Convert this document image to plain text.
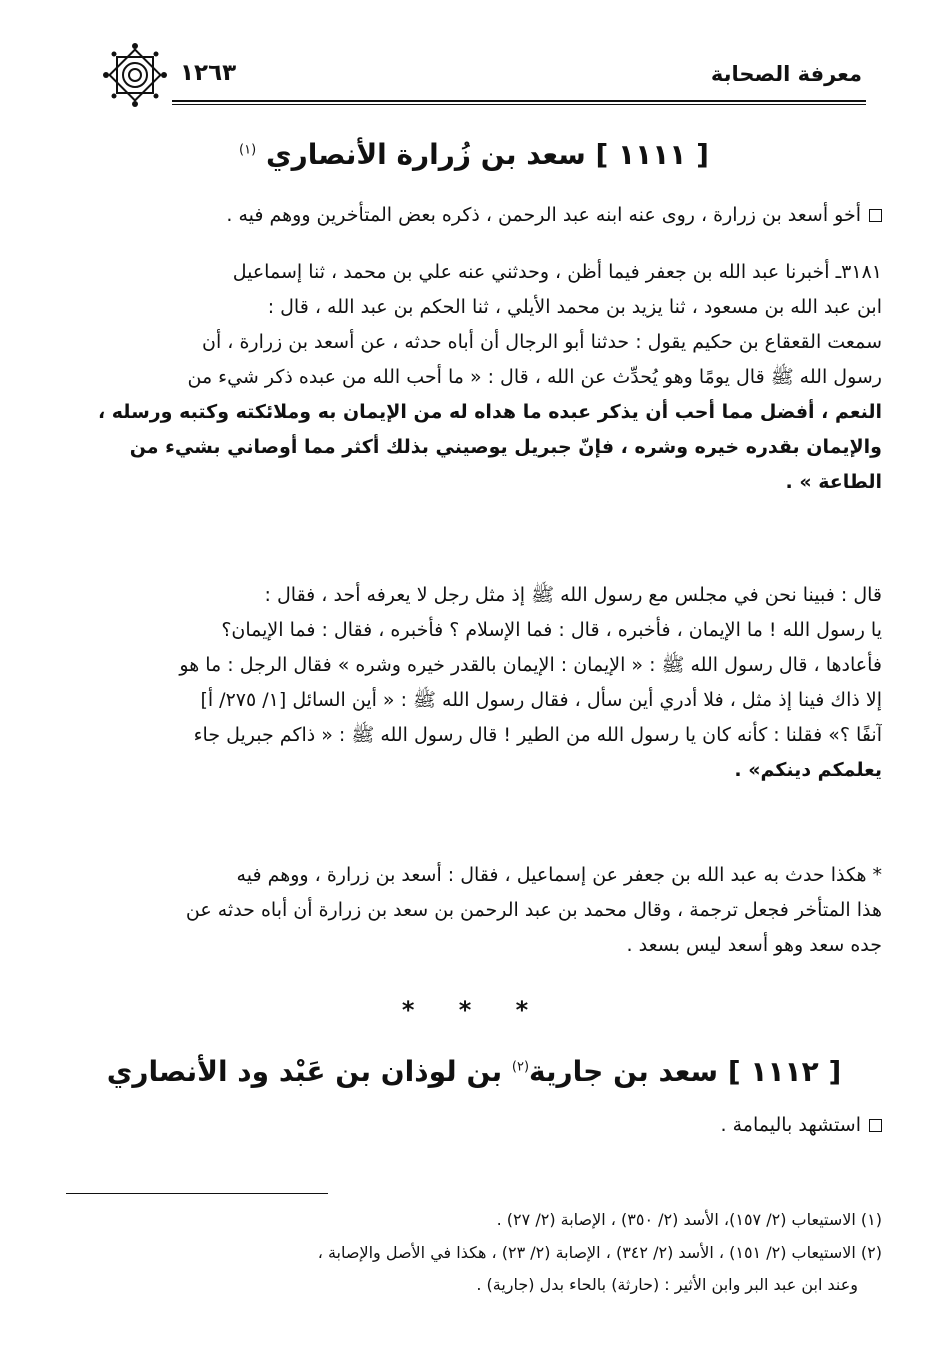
معرفة الصحابة
١٢٦٣
[ ١١١١ ] سعد بن زُرارة الأنصاري $^{(١)}$
أخو أسعد بن زرارة ، روى عنه ابنه عبد الرحمن ، ذكره بعض المتأخرين ووهم فيه .
٣١٨١ـ أخبرنا عبد الله بن جعفر فيما أظن ، وحدثني عنه علي بن محمد ، ثنا إسماعيل
ابن عبد الله بن مسعود ، ثنا يزيد بن محمد الأيلي ، ثنا الحكم بن عبد الله ، قال :
سمعت القعقاع بن حكيم يقول : حدثنا أبو الرجال أن أباه حدثه ، عن أسعد بن زرارة ، أن
رسول الله ﷺ قال يومًا وهو يُحدِّث عن الله ، قال : « ما أحب الله من عبده ذكر شيء من
النعم ، أفضل مما أحب أن يذكر عبده ما هداه له من الإيمان به وملائكته وكتبه ورسله ،
والإيمان بقدره خيره وشره ، فإنّ جبريل يوصيني بذلك أكثر مما أوصاني بشيء من
الطاعة » .
قال : فبينا نحن في مجلس مع رسول الله ﷺ إذ مثل رجل لا يعرفه أحد ، فقال :
يا رسول الله ! ما الإيمان ، فأخبره ، قال : فما الإسلام ؟ فأخبره ، فقال : فما الإيمان؟
فأعادها ، قال رسول الله ﷺ : « الإيمان : الإيمان بالقدر خيره وشره » فقال الرجل : ما هو
إلا ذاك فينا إذ مثل ، فلا أدري أين سأل ، فقال رسول الله ﷺ : « أين السائل [١/ ٢٧٥/ أ]
آنفًا ؟» فقلنا : كأنه كان يا رسول الله من الطير ! قال رسول الله ﷺ : « ذاكم جبريل جاء
يعلمكم دينكم» .
* هكذا حدث به عبد الله بن جعفر عن إسماعيل ، فقال : أسعد بن زرارة ، ووهم فيه
هذا المتأخر فجعل ترجمة ، وقال محمد بن عبد الرحمن بن سعد بن زرارة أن أباه حدثه عن
جده سعد وهو أسعد ليس بسعد .
* * *
[ ١١١٢ ] سعد بن جارية$^{(٢)}$ بن لوذان بن عَبْد ود الأنصاري
استشهد باليمامة .
(١) الاستيعاب (٢/ ١٥٧)، الأسد (٢/ ٣٥٠) ، الإصابة (٢/ ٢٧) .
(٢) الاستيعاب (٢/ ١٥١) ، الأسد (٢/ ٣٤٢) ، الإصابة (٢/ ٢٣) ، هكذا في الأصل والإصابة ،
وعند ابن عبد البر وابن الأثير : (حارثة) بالحاء بدل (جارية) .
